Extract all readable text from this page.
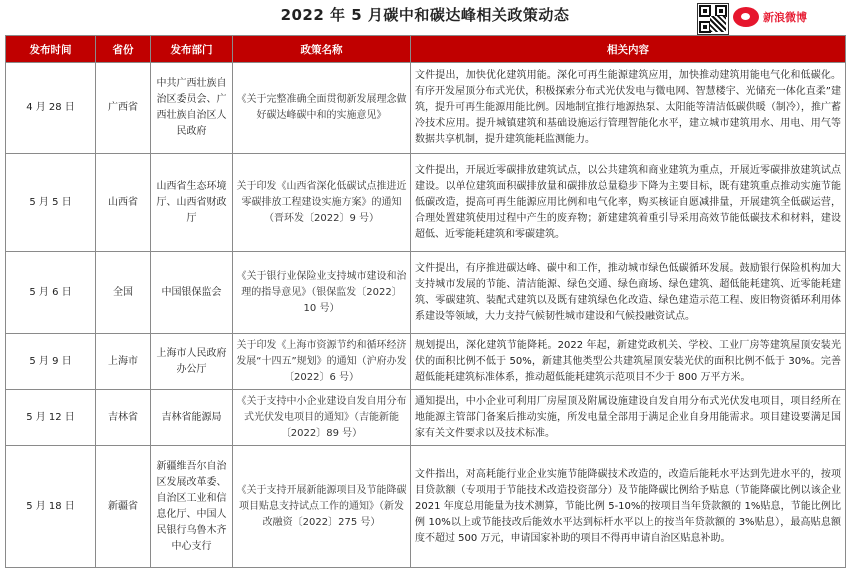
2022 年 5 月碳中和碳达峰相关政策动态	新浪微博
发布时间	省份	发布部门	政策名称	相关内容
4 月 28 日	广西省	中共广西壮族自治区委员会、广西壮族自治区人民政府	《关于完整准确全面贯彻新发展理念做好碳达峰碳中和的实施意见》	文件提出，加快优化建筑用能。深化可再生能源建筑应用，加快推动建筑用能电气化和低碳化。有序开发屋顶分布式光伏，积极探索分布式光伏发电与微电网、智慧楼宇、光储充一体化直柔”建筑，提升可再生能源用能比例。因地制宜推行地源热泵、太阳能等清洁低碳供暖（制冷），推广蓄冷技术应用。提升城镇建筑和基础设施运行管理智能化水平，建立城市建筑用水、用电、用气等数据共享机制，提升建筑能耗监测能力。
5 月 5 日	山西省	山西省生态环境厅、山西省财政厅	关于印发《山西省深化低碳试点推进近零碳排放工程建设实施方案》的通知（晋环发〔2022〕9 号）	文件提出，开展近零碳排放建筑试点，以公共建筑和商业建筑为重点，开展近零碳排放建筑试点建设。以单位建筑面积碳排放量和碳排放总量稳步下降为主要目标，既有建筑重点推动实施节能低碳改造，提高可再生能源应用比例和电气化率，购买核证自愿减排量，开展建筑全低碳运营，合理处置建筑使用过程中产生的废弃物；新建建筑着重引导采用高效节能低碳技术和材料，建设超低、近零能耗建筑和零碳建筑。
5 月 6 日	全国	中国银保监会	《关于银行业保险业支持城市建设和治理的指导意见》（银保监发〔2022〕10 号）	文件提出，有序推进碳达峰、碳中和工作，推动城市绿色低碳循环发展。鼓励银行保险机构加大支持城市发展的节能、清洁能源、绿色交通、绿色商场、绿色建筑、超低能耗建筑、近零能耗建筑、零碳建筑、装配式建筑以及既有建筑绿色化改造、绿色建造示范工程、废旧物资循环利用体系建设等领域，大力支持气候韧性城市建设和气候投融资试点。
5 月 9 日	上海市	上海市人民政府办公厅	关于印发《上海市资源节约和循环经济发展“十四五”规划》的通知（沪府办发〔2022〕6 号）	规划提出，深化建筑节能降耗。2022 年起，新建党政机关、学校、工业厂房等建筑屋顶安装光伏的面积比例不低于 50%，新建其他类型公共建筑屋顶安装光伏的面积比例不低于 30%。完善超低能耗建筑标准体系，推动超低能耗建筑示范项目不少于 800 万平方米。
5 月 12 日	吉林省	吉林省能源局	《关于支持中小企业建设自发自用分布式光伏发电项目的通知》（吉能新能〔2022〕89 号）	通知提出，中小企业可利用厂房屋顶及附属设施建设自发自用分布式光伏发电项目，项目经所在地能源主管部门备案后推动实施，所发电量全部用于满足企业自身用能需求。项目建设要满足国家有关文件要求以及技术标准。
5 月 18 日	新疆省	新疆维吾尔自治区发展改革委、自治区工业和信息化厅、中国人民银行乌鲁木齐中心支行	《关于支持开展新能源项目及节能降碳项目贴息支持试点工作的通知》（新发改融资〔2022〕275 号）	文件指出，对高耗能行业企业实施节能降碳技术改造的，改造后能耗水平达到先进水平的，按项目贷款额（专项用于节能技术改造投资部分）及节能降碳比例给予贴息（节能降碳比例以该企业 2021 年度总用能量为技术测算，节能比例 5-10%的按项目当年贷款额的 1%贴息，节能比例比例 10%以上或节能技改后能效水平达到标杆水平以上的按当年贷款额的 3%贴息），最高贴息额度不超过 500 万元，申请国家补助的项目不得再申请自治区贴息补助。
